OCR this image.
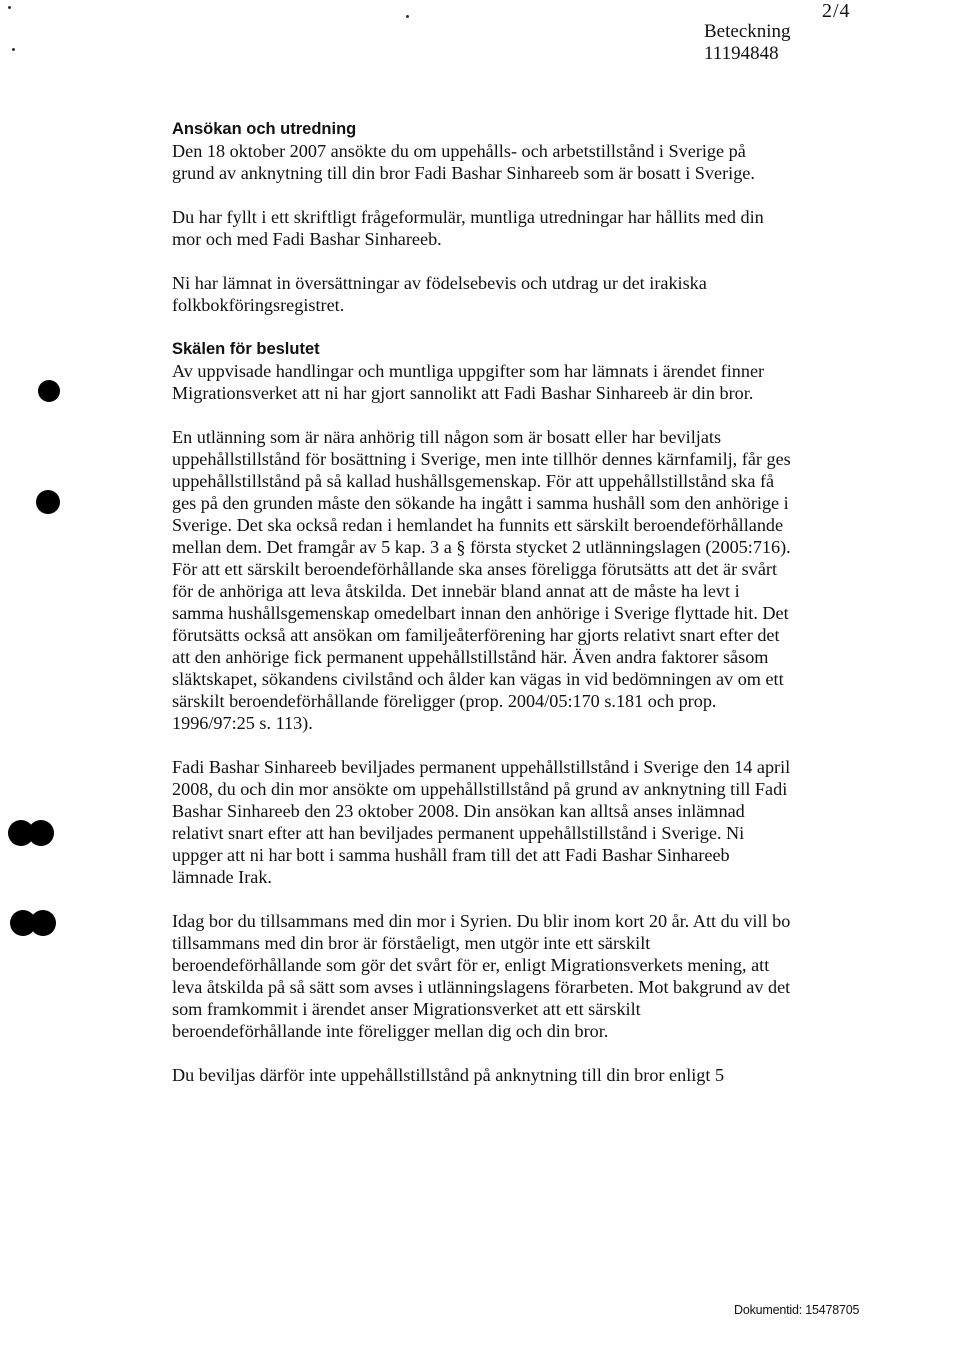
2/4
Beteckning
11194848
Ansökan och utredning

Den 18 oktober 2007 ansökte du om uppehålls- och arbetstillstånd i Sverige på grund av anknytning till din bror Fadi Bashar Sinhareeb som är bosatt i Sverige.

Du har fyllt i ett skriftligt frågeformulär, muntliga utredningar har hållits med din mor och med Fadi Bashar Sinhareeb.

Ni har lämnat in översättningar av födelsebevis och utdrag ur det irakiska folkbokföringsregistret.

Skälen för beslutet

Av uppvisade handlingar och muntliga uppgifter som har lämnats i ärendet finner Migrationsverket att ni har gjort sannolikt att Fadi Bashar Sinhareeb är din bror.

En utlänning som är nära anhörig till någon som är bosatt eller har beviljats uppehållstillstånd för bosättning i Sverige, men inte tillhör dennes kärnfamilj, får ges uppehållstillstånd på så kallad hushållsgemenskap. För att uppehållstillstånd ska få ges på den grunden måste den sökande ha ingått i samma hushåll som den anhörige i Sverige. Det ska också redan i hemlandet ha funnits ett särskilt beroendeförhållande mellan dem. Det framgår av 5 kap. 3 a § första stycket 2 utlänningslagen (2005:716). För att ett särskilt beroendeförhållande ska anses föreligga förutsätts att det är svårt för de anhöriga att leva åtskilda. Det innebär bland annat att de måste ha levt i samma hushållsgemenskap omedelbart innan den anhörige i Sverige flyttade hit. Det förutsätts också att ansökan om familjeåterförening har gjorts relativt snart efter det att den anhörige fick permanent uppehållstillstånd här. Även andra faktorer såsom släktskapet, sökandens civilstånd och ålder kan vägas in vid bedömningen av om ett särskilt beroendeförhållande föreligger (prop. 2004/05:170 s.181 och prop. 1996/97:25 s. 113).

Fadi Bashar Sinhareeb beviljades permanent uppehållstillstånd i Sverige den 14 april 2008, du och din mor ansökte om uppehållstillstånd på grund av anknytning till Fadi Bashar Sinhareeb den 23 oktober 2008. Din ansökan kan alltså anses inlämnad relativt snart efter att han beviljades permanent uppehållstillstånd i Sverige. Ni uppger att ni har bott i samma hushåll fram till det att Fadi Bashar Sinhareeb lämnade Irak.

Idag bor du tillsammans med din mor i Syrien. Du blir inom kort 20 år. Att du vill bo tillsammans med din bror är förståeligt, men utgör inte ett särskilt beroendeförhållande som gör det svårt för er, enligt Migrationsverkets mening, att leva åtskilda på så sätt som avses i utlänningslagens förarbeten. Mot bakgrund av det som framkommit i ärendet anser Migrationsverket att ett särskilt beroendeförhållande inte föreligger mellan dig och din bror.

Du beviljas därför inte uppehållstillstånd på anknytning till din bror enligt 5

Dokumentid: 15478705
